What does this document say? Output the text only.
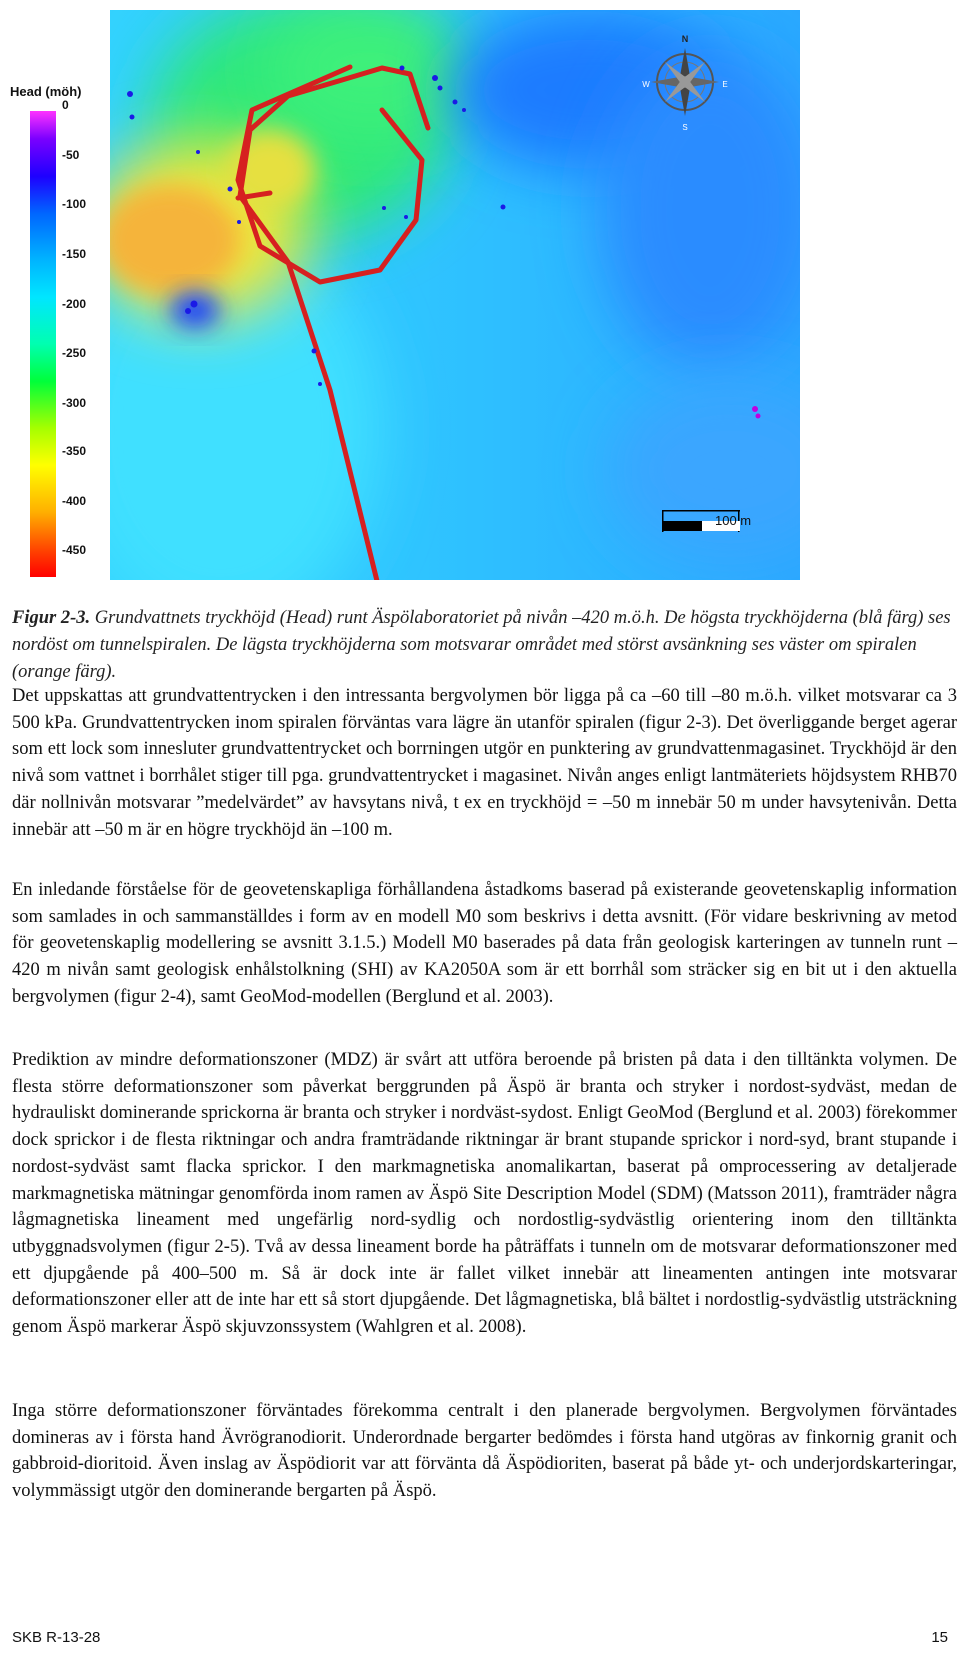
Head (möh)
0
-50
-100
-150
-200
-250
-300
-350
-400
-450
N
S
W	E
100 m
Figur 2-3. Grundvattnets tryckhöjd (Head) runt Äspölaboratoriet på nivån –420 m.ö.h. De högsta tryckhöjderna (blå färg) ses nordöst om tunnelspiralen. De lägsta tryckhöjderna som motsvarar området med störst avsänkning ses väster om spiralen (orange färg).

Det uppskattas att grundvattentrycken i den intressanta bergvolymen bör ligga på ca –60 till –80 m.ö.h. vilket motsvarar ca 3 500 kPa. Grundvattentrycken inom spiralen förväntas vara lägre än utanför spiralen (figur 2-3). Det överliggande berget agerar som ett lock som innesluter grundvattentrycket och borrningen utgör en punktering av grundvattenmagasinet. Tryckhöjd är den nivå som vattnet i borrhålet stiger till pga. grundvattentrycket i magasinet. Nivån anges enligt lantmäteriets höjdsystem RHB70 där nollnivån motsvarar ”medelvärdet” av havsytans nivå, t ex en tryckhöjd = –50 m innebär 50 m under havsytenivån. Detta innebär att –50 m är en högre tryckhöjd än –100 m.

En inledande förståelse för de geovetenskapliga förhållandena åstadkoms baserad på existerande geovetenskaplig information som samlades in och sammanställdes i form av en modell M0 som beskrivs i detta avsnitt. (För vidare beskrivning av metod för geovetenskaplig modellering se avsnitt 3.1.5.) Modell M0 baserades på data från geologisk karteringen av tunneln runt –420 m nivån samt geologisk enhålstolkning (SHI) av KA2050A som är ett borrhål som sträcker sig en bit ut i den aktuella bergvolymen (figur 2-4), samt GeoMod-modellen (Berglund et al. 2003).

Prediktion av mindre deformationszoner (MDZ) är svårt att utföra beroende på bristen på data i den tilltänkta volymen. De flesta större deformationszoner som påverkat berggrunden på Äspö är branta och stryker i nordost-sydväst, medan de hydrauliskt dominerande sprickorna är branta och stryker i nordväst-sydost. Enligt GeoMod (Berglund et al. 2003) förekommer dock sprickor i de flesta riktningar och andra framträdande riktningar är brant stupande sprickor i nord-syd, brant stupande i nordost-sydväst samt flacka sprickor. I den markmagnetiska anomalikartan, baserat på omprocessering av detaljerade markmagnetiska mätningar genomförda inom ramen av Äspö Site Description Model (SDM) (Matsson 2011), framträder några lågmagnetiska lineament med ungefärlig nord-sydlig och nordostlig-sydvästlig orientering inom den tilltänkta utbyggnadsvolymen (figur 2-5). Två av dessa lineament borde ha påträffats i tunneln om de motsvarar deformationszoner med ett djupgående på 400–500 m. Så är dock inte är fallet vilket innebär att lineamenten antingen inte motsvarar deformationszoner eller att de inte har ett så stort djupgående. Det lågmagnetiska, blå bältet i nordostlig-sydvästlig utsträckning genom Äspö markerar Äspö skjuvzonssystem (Wahlgren et al. 2008).

Inga större deformationszoner förväntades förekomma centralt i den planerade bergvolymen. Bergvolymen förväntades domineras av i första hand Ävrögranodiorit. Underordnade bergarter bedömdes i första hand utgöras av finkornig granit och gabbroid-dioritoid. Även inslag av Äspödiorit var att förvänta då Äspödioriten, baserat på både yt- och underjordskarteringar, volymmässigt utgör den dominerande bergarten på Äspö.

SKB R-13-28	15
